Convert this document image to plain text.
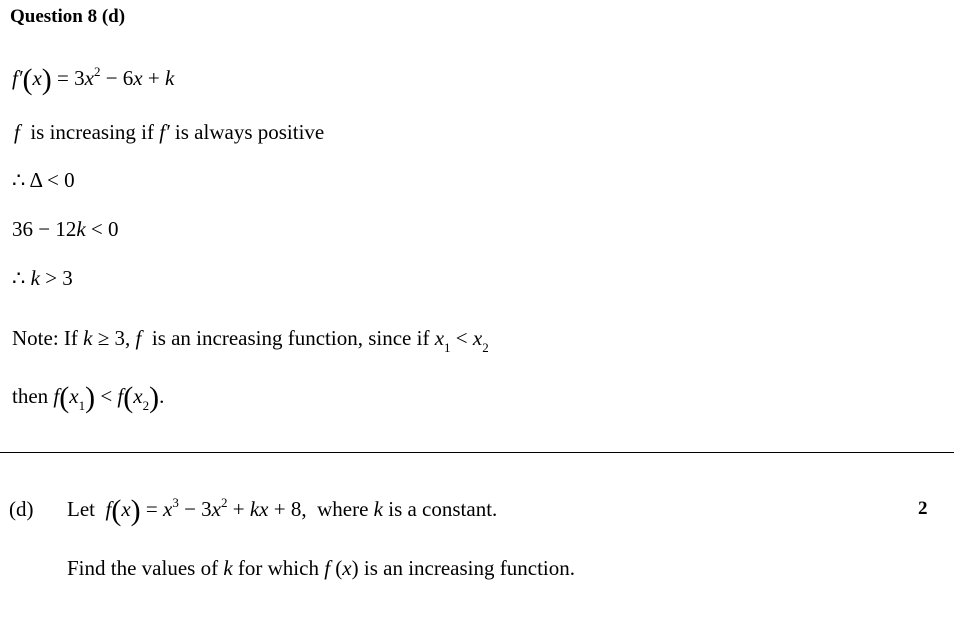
Question 8 (d)
$f'(x) = 3x^2 - 6x + k$
f  is increasing if f′ is always positive
∴ Δ < 0
36 − 12k < 0
∴ k > 3
Note: If k ≥ 3, f  is an increasing function, since if $x_1 < x_2$
then $f(x_1) < f(x_2)$.
(d) Let  $f(x) = x^3 - 3x^2$ + kx + 8,  where k is a constant.	2
Find the values of k for which f (x) is an increasing function.
